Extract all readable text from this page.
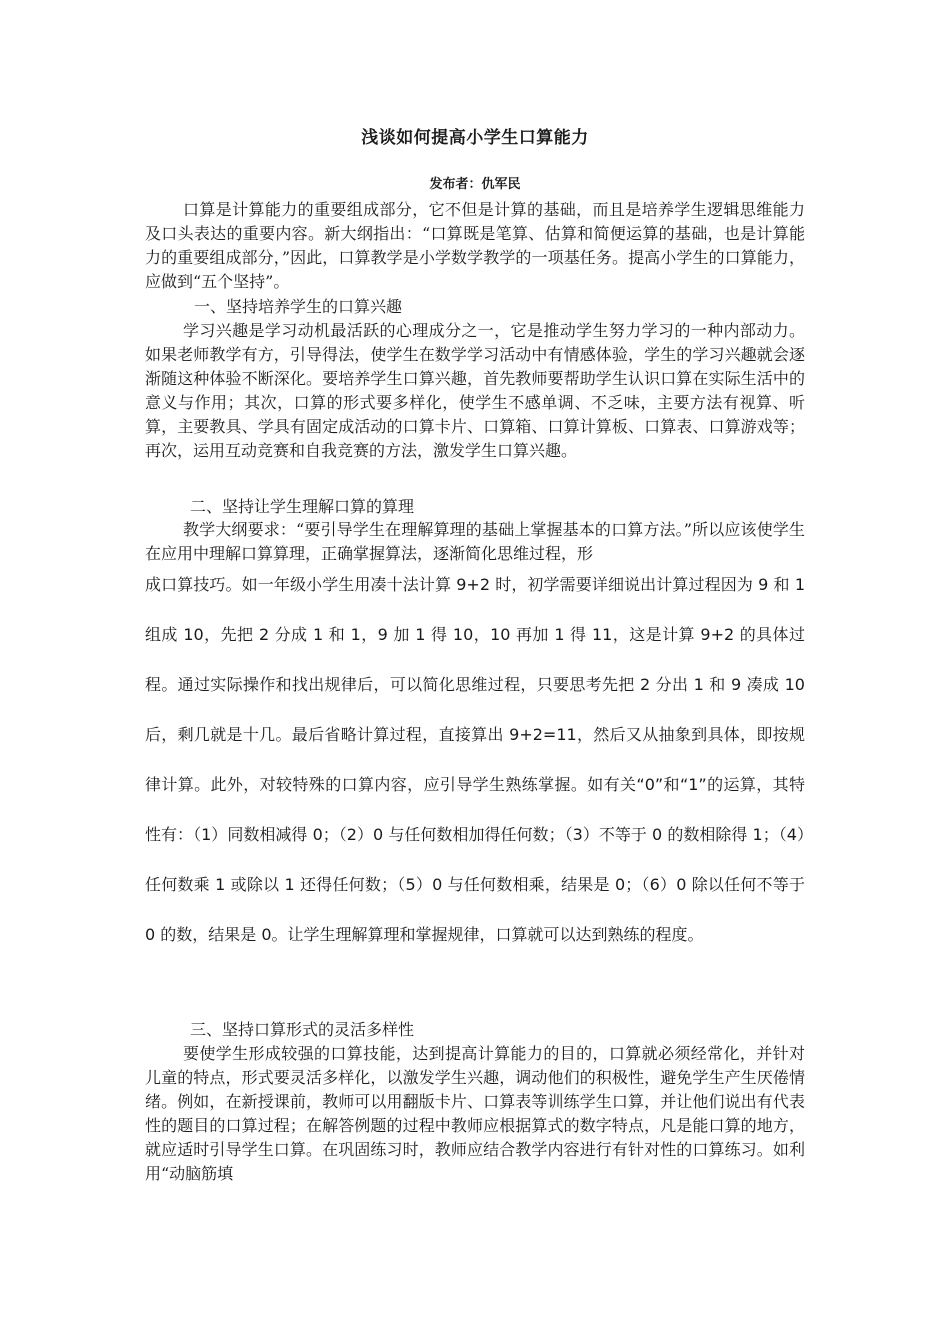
浅谈如何提高小学生口算能力
发布者：仇军民

口算是计算能力的重要组成部分，它不但是计算的基础，而且是培养学生逻辑思维能力及口头表达的重要内容。新大纲指出：“口算既是笔算、估算和简便运算的基础，也是计算能力的重要组成部分，”因此，口算教学是小学数学教学的一项基任务。提高小学生的口算能力，应做到“五个坚持”。

一、坚持培养学生的口算兴趣

学习兴趣是学习动机最活跃的心理成分之一，它是推动学生努力学习的一种内部动力。如果老师教学有方，引导得法，使学生在数学学习活动中有情感体验，学生的学习兴趣就会逐渐随这种体验不断深化。要培养学生口算兴趣，首先教师要帮助学生认识口算在实际生活中的意义与作用；其次，口算的形式要多样化，使学生不感单调、不乏味，主要方法有视算、听算，主要教具、学具有固定成活动的口算卡片、口算箱、口算计算板、口算表、口算游戏等；再次，运用互动竞赛和自我竞赛的方法，激发学生口算兴趣。

二、坚持让学生理解口算的算理

教学大纲要求：“要引导学生在理解算理的基础上掌握基本的口算方法。”所以应该使学生在应用中理解口算算理，正确掌握算法，逐渐简化思维过程，形

成口算技巧。如一年级小学生用凑十法计算 9+2 时，初学需要详细说出计算过程因为 9 和 1 组成 10，先把 2 分成 1 和 1，9 加 1 得 10，10 再加 1 得 11，这是计算 9+2 的具体过程。通过实际操作和找出规律后，可以简化思维过程，只要思考先把 2 分出 1 和 9 凑成 10 后，剩几就是十几。最后省略计算过程，直接算出 9+2=11，然后又从抽象到具体，即按规律计算。此外，对较特殊的口算内容，应引导学生熟练掌握。如有关“0”和“1”的运算，其特性有：（1）同数相减得 0；（2）0 与任何数相加得任何数；（3）不等于 0 的数相除得 1；（4）任何数乘 1 或除以 1 还得任何数；（5）0 与任何数相乘，结果是 0；（6）0 除以任何不等于 0 的数，结果是 0。让学生理解算理和掌握规律，口算就可以达到熟练的程度。

三、坚持口算形式的灵活多样性

要使学生形成较强的口算技能，达到提高计算能力的目的，口算就必须经常化，并针对儿童的特点，形式要灵活多样化，以激发学生兴趣，调动他们的积极性，避免学生产生厌倦情绪。例如，在新授课前，教师可以用翻版卡片、口算表等训练学生口算，并让他们说出有代表性的题目的口算过程；在解答例题的过程中教师应根据算式的数字特点，凡是能口算的地方，就应适时引导学生口算。在巩固练习时，教师应结合教学内容进行有针对性的口算练习。如利用“动脑筋填
